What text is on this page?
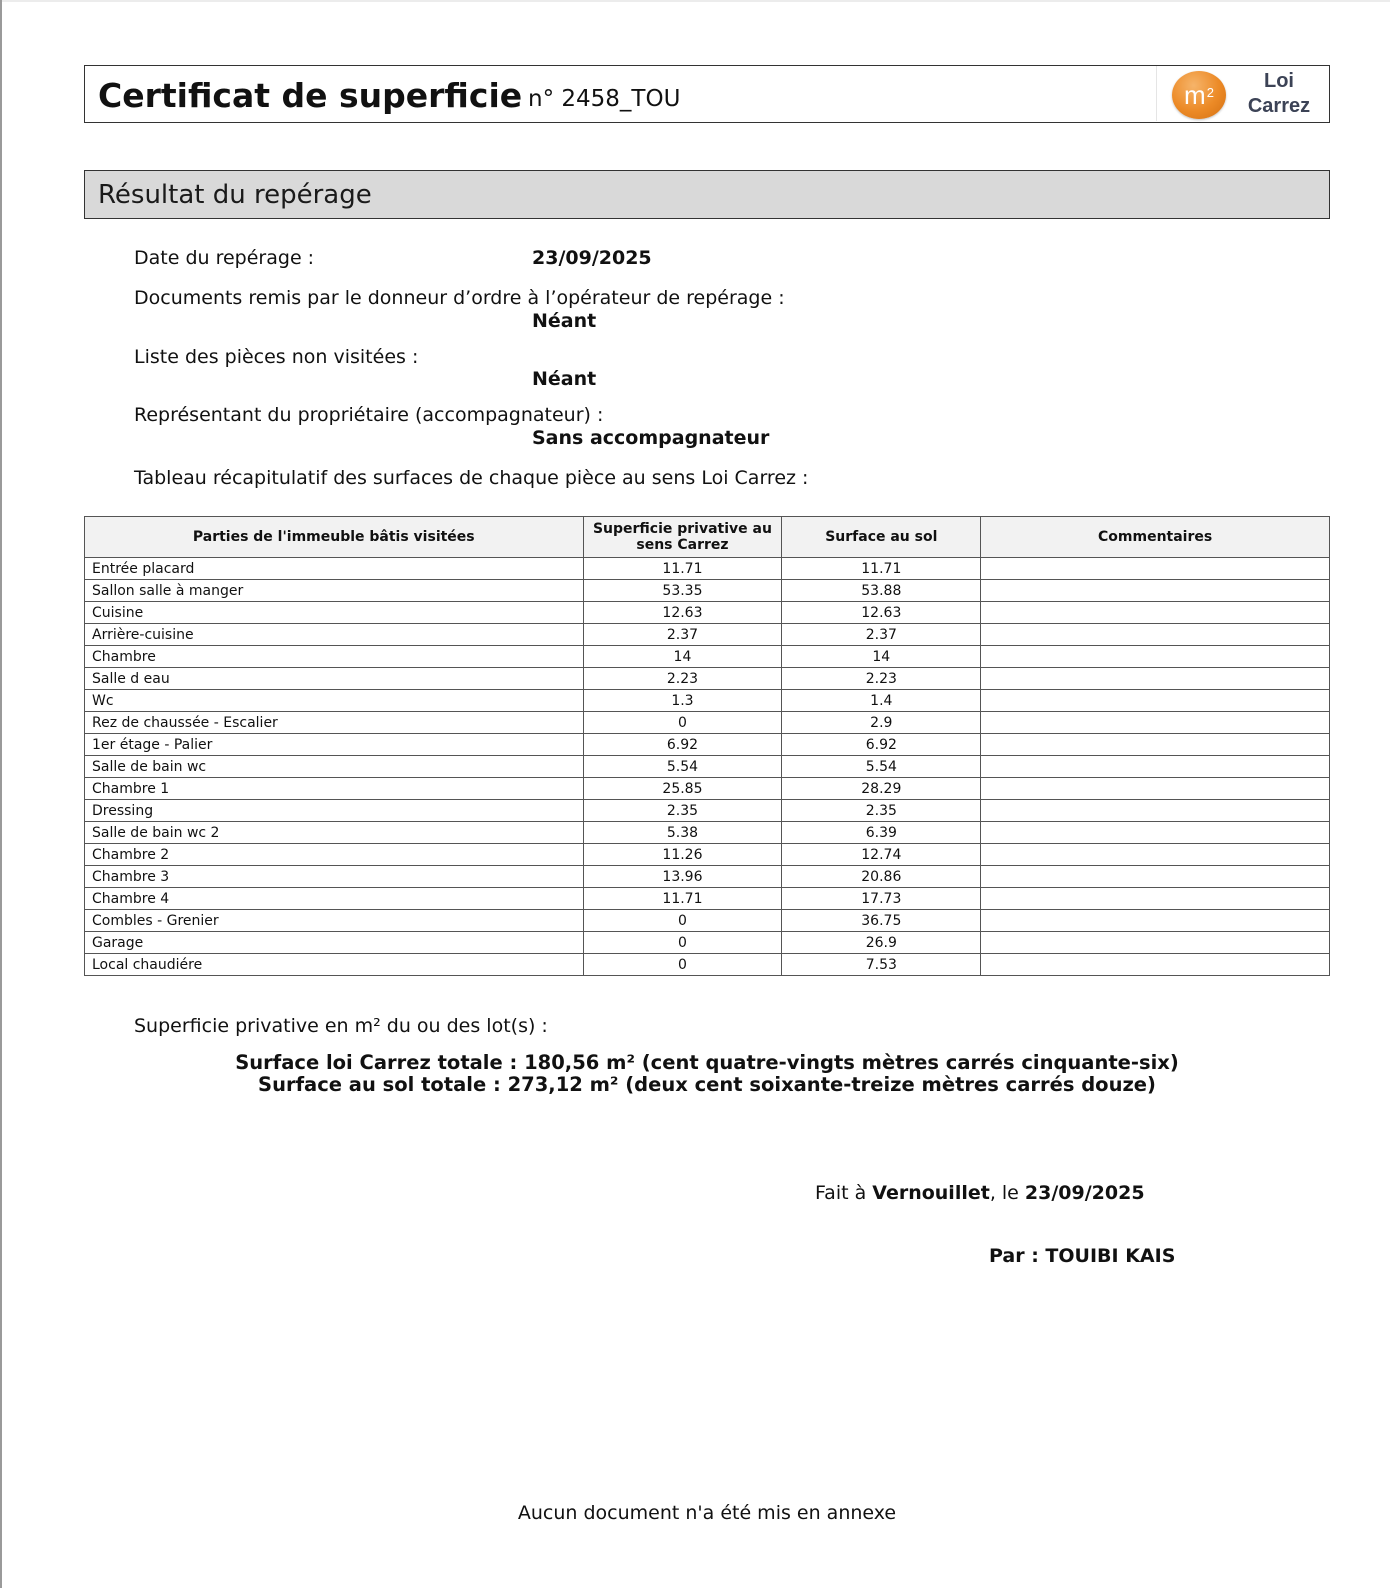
Certificat de superficie n° 2458_TOU	$m^2$	Loi
Carrez
Résultat du repérage
Date du repérage :	23/09/2025
Documents remis par le donneur d’ordre à l’opérateur de repérage :
Néant
Liste des pièces non visitées :
Néant
Représentant du propriétaire (accompagnateur) :
Sans accompagnateur
Tableau récapitulatif des surfaces de chaque pièce au sens Loi Carrez :
Parties de l'immeuble bâtis visitées	Superficie privative au sens Carrez	Surface au sol	Commentaires
Entrée placard	11.71	11.71	
Sallon salle à manger	53.35	53.88	
Cuisine	12.63	12.63	
Arrière-cuisine	2.37	2.37	
Chambre	14	14	
Salle d eau	2.23	2.23	
Wc	1.3	1.4	
Rez de chaussée - Escalier	0	2.9	
1er étage - Palier	6.92	6.92	
Salle de bain wc	5.54	5.54	
Chambre 1	25.85	28.29	
Dressing	2.35	2.35	
Salle de bain wc 2	5.38	6.39	
Chambre 2	11.26	12.74	
Chambre 3	13.96	20.86	
Chambre 4	11.71	17.73	
Combles - Grenier	0	36.75	
Garage	0	26.9	
Local chaudiére	0	7.53	
Superficie privative en m² du ou des lot(s) :
Surface loi Carrez totale : 180,56 m² (cent quatre-vingts mètres carrés cinquante-six)
Surface au sol totale : 273,12 m² (deux cent soixante-treize mètres carrés douze)
Fait à Vernouillet, le 23/09/2025
Par : TOUIBI KAIS
Aucun document n'a été mis en annexe
